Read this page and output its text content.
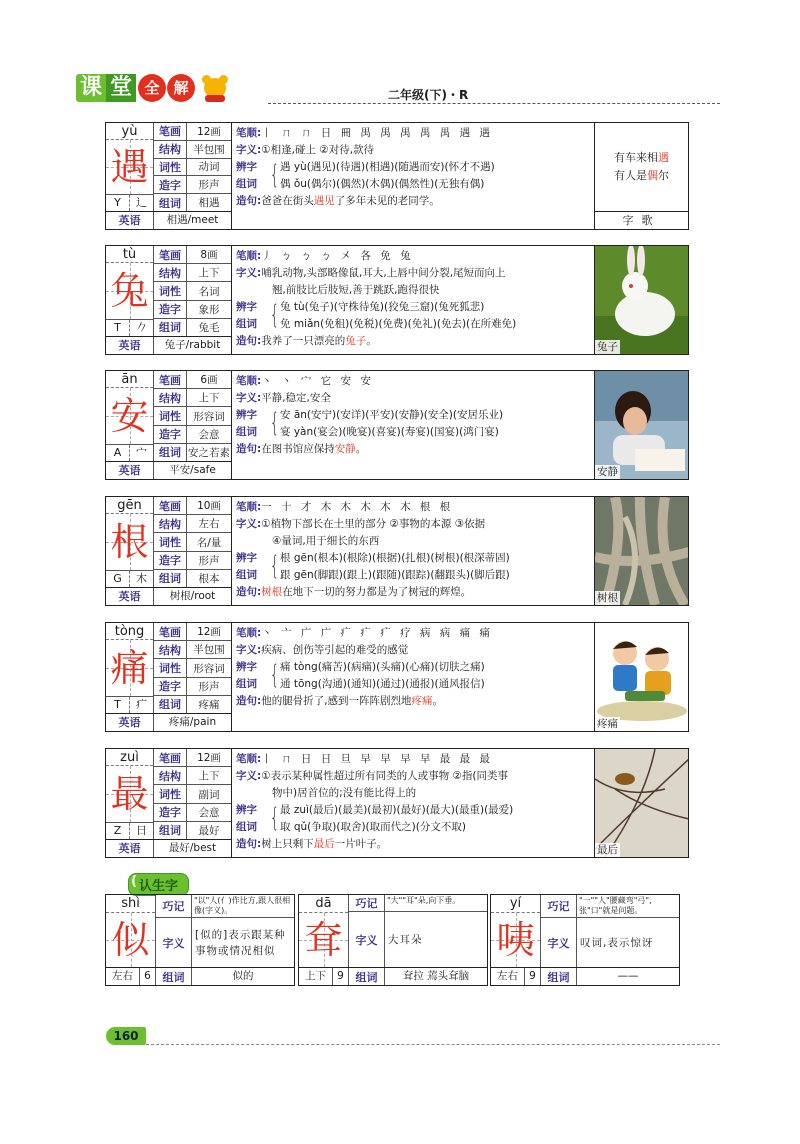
课 堂 全 解	二年级(下)・R
yù
遇
Y	辶
笔画	12画
结构	半包围
词性	动词
造字	形声
组词	相遇
英语	相遇/meet
笔顺:丨 ㄇ ㄇ 日 𠕁 禺 禺 禺 禺 禺 遇 遇
字义:①相逢,碰上 ②对待,款待
辨字
组词 { 遇 yù(遇见)(待遇)(相遇)(随遇而安)(怀才不遇)
偶 ǒu(偶尔)(偶然)(木偶)(偶然性)(无独有偶)
造句:爸爸在街头遇见了多年未见的老同学。
有车来相遇
有人是偶尔
字歌
tù
兔
T	𠂊
笔画	8画
结构	上下
词性	名词
造字	象形
组词	兔毛
英语	兔子/rabbit
笔顺:丿 ㄅ ㄅ ㄅ 㐅 各 免 兔
字义:哺乳动物,头部略像鼠,耳大,上唇中间分裂,尾短而向上
翘,前肢比后肢短,善于跳跃,跑得很快
辨字
组词 { 兔 tù(兔子)(守株待兔)(狡兔三窟)(兔死狐悲)
免 miǎn(免租)(免税)(免费)(免礼)(免去)(在所难免)
造句:我养了一只漂亮的兔子。	兔子
ān
安
A	宀
笔画	6画
结构	上下
词性	形容词
造字	会意
组词 安之若素
英语	平安/safe
笔顺:丶 丶 宀 它 安 安
字义:平静,稳定,安全
辨字
组词 { 安 ān(安宁)(安详)(平安)(安静)(安全)(安居乐业)
宴 yàn(宴会)(晚宴)(喜宴)(寿宴)(国宴)(鸿门宴)
造句:在图书馆应保持安静。
安静
gēn
根
G	木
笔画	10画
结构	左右
词性	名/量
造字	形声
组词	根本
英语	树根/root
笔顺:一 十 才 木 木 木 木 木 根 根
字义:①植物下部长在土里的部分 ②事物的本源 ③依据
④量词,用于细长的东西
辨字
组词 { 根 gēn(根本)(根除)(根据)(扎根)(树根)(根深蒂固)
跟 gēn(脚跟)(跟上)(跟随)(跟踪)(翻跟头)(脚后跟)
造句:树根在地下一切的努力都是为了树冠的辉煌。	树根
tòng
痛
T	疒
笔画	12画
结构	半包围
词性	形容词
造字	形声
组词	疼痛
英语	疼痛/pain
笔顺:丶 亠 广 广 疒 疒 疒 疗 病 病 痛 痛
字义:疾病、创伤等引起的难受的感觉
辨字
组词 { 痛 tòng(痛苦)(病痛)(头痛)(心痛)(切肤之痛)
通 tōng(沟通)(通知)(通过)(通报)(通风报信)
造句:他的腿骨折了,感到一阵阵剧烈地疼痛。
疼痛
zuì
最
Z	日
笔画	12画
结构	上下
词性	副词
造字	会意
组词	最好
英语	最好/best
笔顺:丨 ㄇ 日 日 旦 早 早 早 早 最 最 最
字义:①表示某种属性超过所有同类的人或事物 ②指(同类事
物中)居首位的;没有能比得上的
辨字
组词 { 最 zuì(最后)(最美)(最初)(最好)(最大)(最重)(最爱)
取 qǔ(争取)(取舍)(取而代之)(分文不取)
造句:树上只剩下最后一片叶子。	最后
( 认生字
shì
似
巧记	"以"人(亻)作比方,跟人很相像(字义)。
字义
[似的]表示跟某种事物或情况相似
左右	6	组词	似的
dā
耷
巧记	"大""耳"朵,向下垂。
字义	大耳朵
上下	9	组词	耷拉 蔫头耷脑
yí
咦
巧记	"一""人"腰藏弯"弓",张"口"就是问题。
字义	叹词,表示惊讶
左右	9	组词	——
160
